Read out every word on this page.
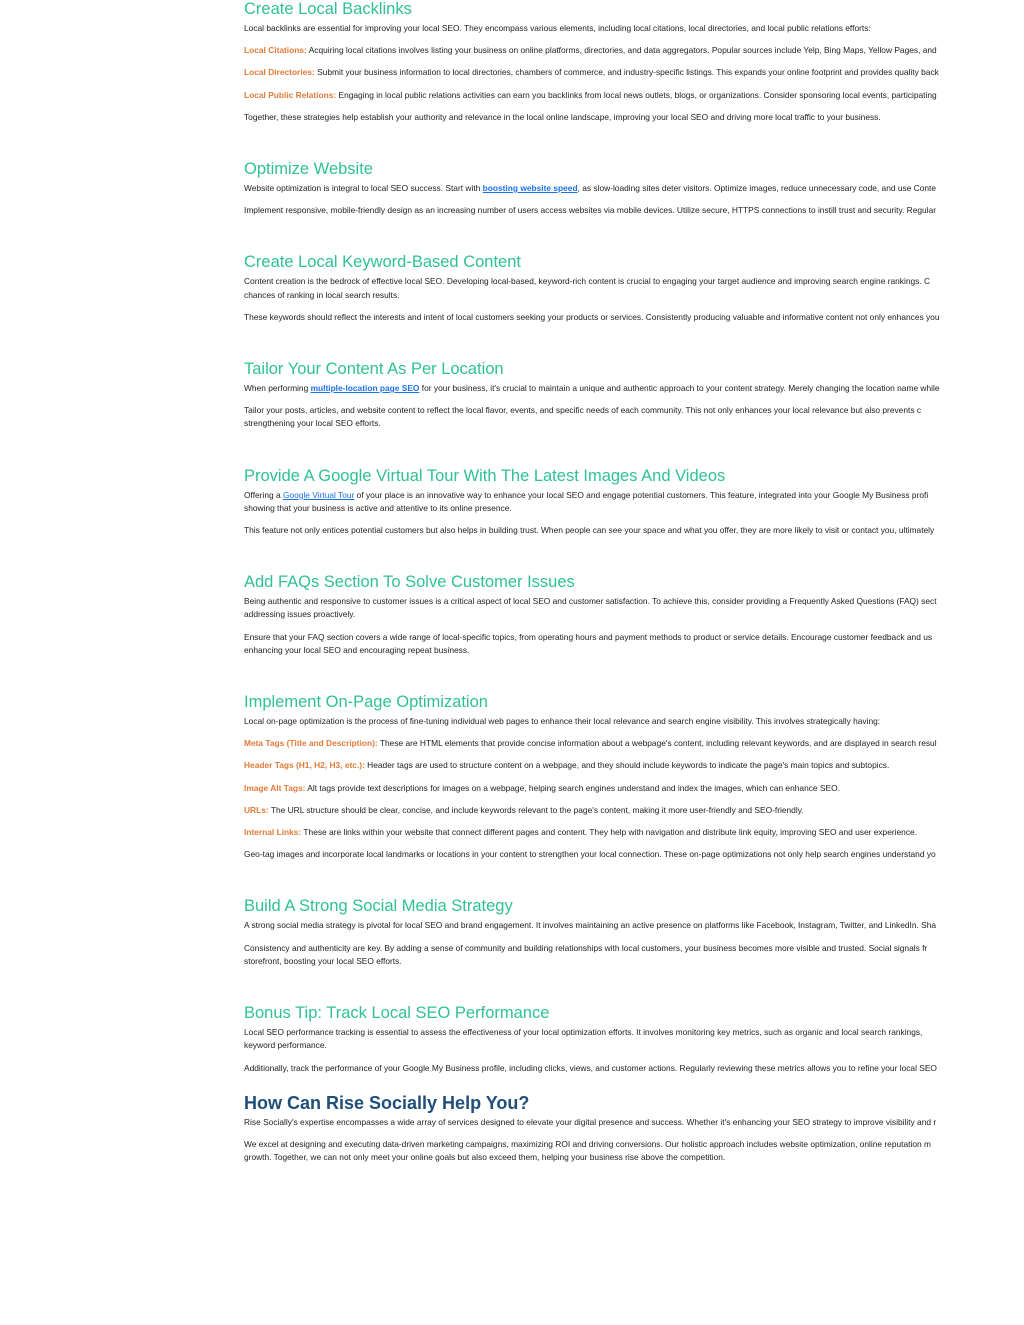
Create Local Backlinks

Local backlinks are essential for improving your local SEO. They encompass various elements, including local citations, local directories, and local public relations efforts:

Local Citations: Acquiring local citations involves listing your business on online platforms, directories, and data aggregators. Popular sources include Yelp, Bing Maps, Yellow Pages, and

Local Directories: Submit your business information to local directories, chambers of commerce, and industry-specific listings. This expands your online footprint and provides quality back

Local Public Relations: Engaging in local public relations activities can earn you backlinks from local news outlets, blogs, or organizations. Consider sponsoring local events, participating

Together, these strategies help establish your authority and relevance in the local online landscape, improving your local SEO and driving more local traffic to your business.

Optimize Website

Website optimization is integral to local SEO success. Start with boosting website speed, as slow-loading sites deter visitors. Optimize images, reduce unnecessary code, and use Conte

Implement responsive, mobile-friendly design as an increasing number of users access websites via mobile devices. Utilize secure, HTTPS connections to instill trust and security. Regular

Create Local Keyword-Based Content

Content creation is the bedrock of effective local SEO. Developing local-based, keyword-rich content is crucial to engaging your target audience and improving search engine rankings. C

chances of ranking in local search results.

These keywords should reflect the interests and intent of local customers seeking your products or services. Consistently producing valuable and informative content not only enhances you

Tailor Your Content As Per Location

When performing multiple-location page SEO for your business, it's crucial to maintain a unique and authentic approach to your content strategy. Merely changing the location name while

Tailor your posts, articles, and website content to reflect the local flavor, events, and specific needs of each community. This not only enhances your local relevance but also prevents c

strengthening your local SEO efforts.

Provide A Google Virtual Tour With The Latest Images And Videos

Offering a Google Virtual Tour of your place is an innovative way to enhance your local SEO and engage potential customers. This feature, integrated into your Google My Business profi

showing that your business is active and attentive to its online presence.

This feature not only entices potential customers but also helps in building trust. When people can see your space and what you offer, they are more likely to visit or contact you, ultimately

Add FAQs Section To Solve Customer Issues

Being authentic and responsive to customer issues is a critical aspect of local SEO and customer satisfaction. To achieve this, consider providing a Frequently Asked Questions (FAQ) sect

addressing issues proactively.

Ensure that your FAQ section covers a wide range of local-specific topics, from operating hours and payment methods to product or service details. Encourage customer feedback and us

enhancing your local SEO and encouraging repeat business.

Implement On-Page Optimization

Local on-page optimization is the process of fine-tuning individual web pages to enhance their local relevance and search engine visibility. This involves strategically having:

Meta Tags (Title and Description): These are HTML elements that provide concise information about a webpage's content, including relevant keywords, and are displayed in search resul

Header Tags (H1, H2, H3, etc.): Header tags are used to structure content on a webpage, and they should include keywords to indicate the page's main topics and subtopics.

Image Alt Tags: Alt tags provide text descriptions for images on a webpage, helping search engines understand and index the images, which can enhance SEO.

URLs: The URL structure should be clear, concise, and include keywords relevant to the page's content, making it more user-friendly and SEO-friendly.

Internal Links: These are links within your website that connect different pages and content. They help with navigation and distribute link equity, improving SEO and user experience.

Geo-tag images and incorporate local landmarks or locations in your content to strengthen your local connection. These on-page optimizations not only help search engines understand yo

Build A Strong Social Media Strategy

A strong social media strategy is pivotal for local SEO and brand engagement. It involves maintaining an active presence on platforms like Facebook, Instagram, Twitter, and LinkedIn. Sha

Consistency and authenticity are key. By adding a sense of community and building relationships with local customers, your business becomes more visible and trusted. Social signals fr

storefront, boosting your local SEO efforts.

Bonus Tip: Track Local SEO Performance

Local SEO performance tracking is essential to assess the effectiveness of your local optimization efforts. It involves monitoring key metrics, such as organic and local search rankings,

keyword performance.

Additionally, track the performance of your Google My Business profile, including clicks, views, and customer actions. Regularly reviewing these metrics allows you to refine your local SEO

How Can Rise Socially Help You?

Rise Socially's expertise encompasses a wide array of services designed to elevate your digital presence and success. Whether it's enhancing your SEO strategy to improve visibility and r

We excel at designing and executing data-driven marketing campaigns, maximizing ROI and driving conversions. Our holistic approach includes website optimization, online reputation m

growth. Together, we can not only meet your online goals but also exceed them, helping your business rise above the competition.
